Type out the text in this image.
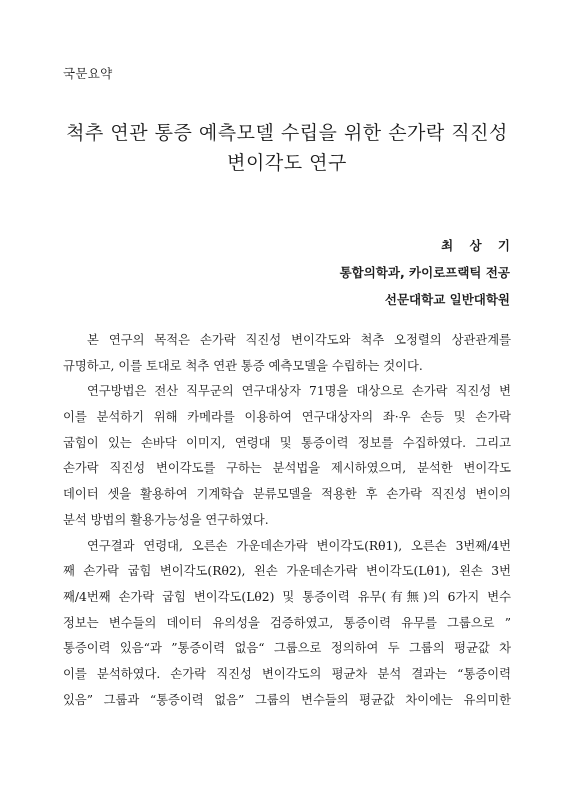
국문요약
척추 연관 통증 예측모델 수립을 위한 손가락 직진성
변이각도 연구
최 상 기
통합의학과, 카이로프랙틱 전공
선문대학교 일반대학원
본 연구의 목적은 손가락 직진성 변이각도와 척추 오정렬의 상관관계를
규명하고, 이를 토대로 척추 연관 통증 예측모델을 수립하는 것이다.
연구방법은 전산 직무군의 연구대상자 71명을 대상으로 손가락 직진성 변
이를 분석하기 위해 카메라를 이용하여 연구대상자의 좌·우 손등 및 손가락
굽힘이 있는 손바닥 이미지, 연령대 및 통증이력 정보를 수집하였다. 그리고
손가락 직진성 변이각도를 구하는 분석법을 제시하였으며, 분석한 변이각도
데이터 셋을 활용하여 기계학습 분류모델을 적용한 후 손가락 직진성 변이의
분석 방법의 활용가능성을 연구하였다.
연구결과 연령대, 오른손 가운데손가락 변이각도(Rθ1), 오른손 3번째/4번
째 손가락 굽힘 변이각도(Rθ2), 왼손 가운데손가락 변이각도(Lθ1), 왼손 3번
째/4번째 손가락 굽힘 변이각도(Lθ2) 및 통증이력 유무(有無)의 6가지 변수
정보는 변수들의 데이터 유의성을 검증하였고, 통증이력 유무를 그룹으로 ”
통증이력 있음“과 ”통증이력 없음“ 그룹으로 정의하여 두 그룹의 평균값 차
이를 분석하였다. 손가락 직진성 변이각도의 평균차 분석 결과는 “통증이력
있음” 그룹과 “통증이력 없음” 그룹의 변수들의 평균값 차이에는 유의미한
